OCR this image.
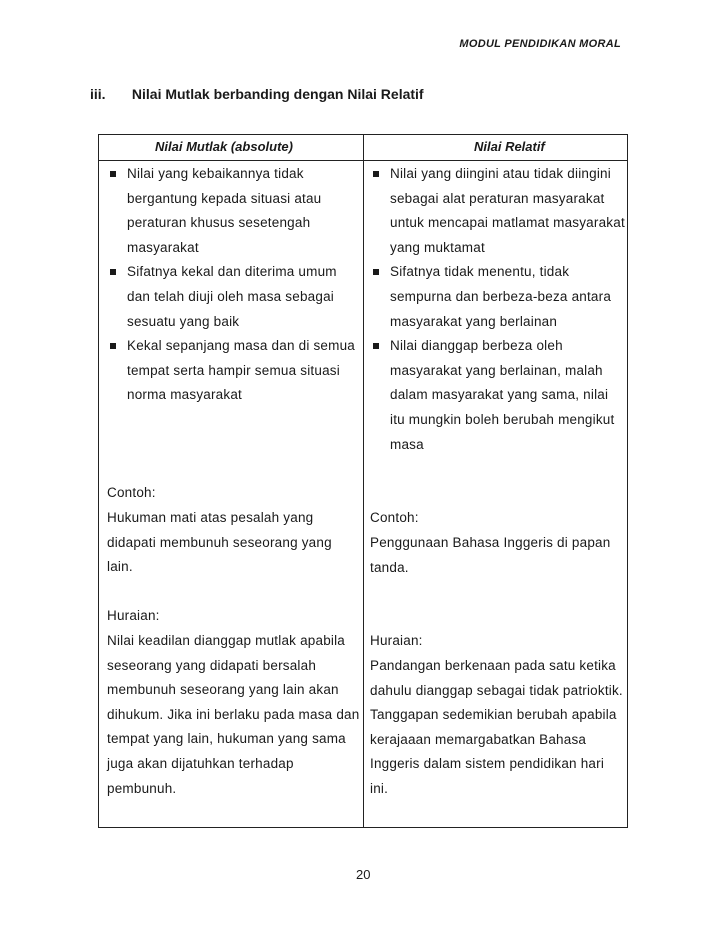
MODUL PENDIDIKAN MORAL
iii. Nilai Mutlak berbanding dengan Nilai Relatif
Nilai Mutlak (absolute)	Nilai Relatif
Nilai yang kebaikannya tidak bergantung kepada situasi atau peraturan khusus sesetengah masyarakat
Sifatnya kekal dan diterima umum dan telah diuji oleh masa sebagai sesuatu yang baik
Kekal sepanjang masa dan di semua tempat serta hampir semua situasi norma masyarakat
Nilai yang diingini atau tidak diingini sebagai alat peraturan masyarakat untuk mencapai matlamat masyarakat yang muktamat
Sifatnya tidak menentu, tidak sempurna dan berbeza-beza antara masyarakat yang berlainan
Nilai dianggap berbeza oleh masyarakat yang berlainan, malah dalam masyarakat yang sama, nilai itu mungkin boleh berubah mengikut masa
Contoh:
Hukuman mati atas pesalah yang didapati membunuh seseorang yang lain.
Huraian:
Nilai keadilan dianggap mutlak apabila seseorang yang didapati bersalah membunuh seseorang yang lain akan dihukum. Jika ini berlaku pada masa dan tempat yang lain, hukuman yang sama juga akan dijatuhkan terhadap pembunuh.
Contoh:
Penggunaan Bahasa Inggeris di papan tanda.
Huraian:
Pandangan berkenaan pada satu ketika dahulu dianggap sebagai tidak patrioktik. Tanggapan sedemikian berubah apabila kerajaaan memargabatkan Bahasa Inggeris dalam sistem pendidikan hari ini.
20
